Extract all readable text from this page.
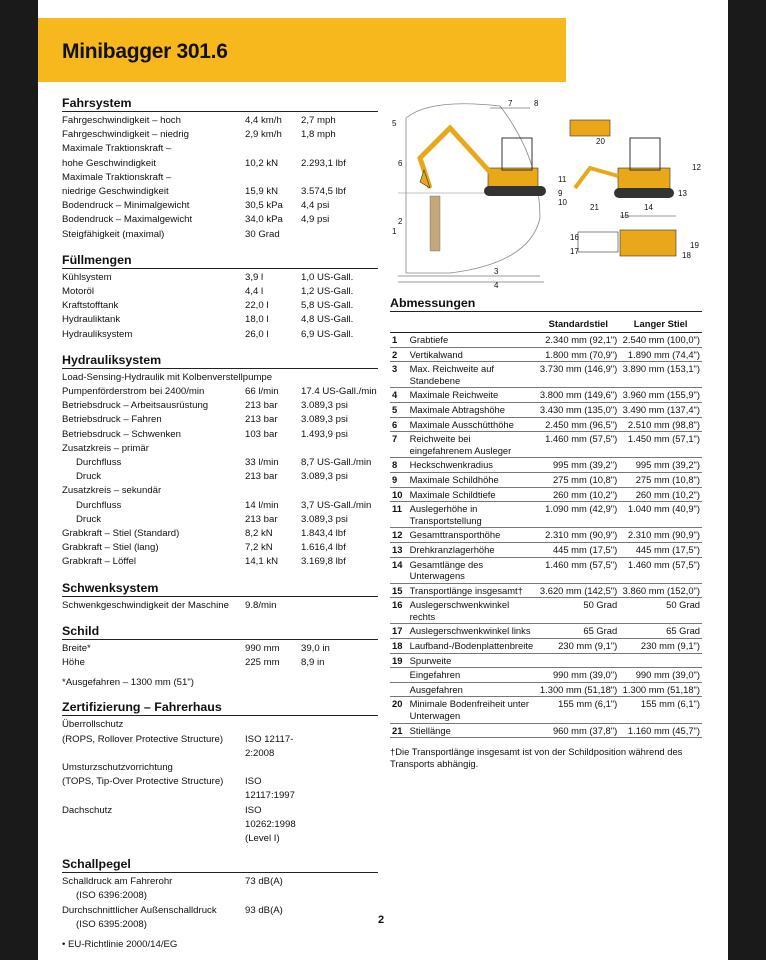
Minibagger 301.6
Fahrsystem
Fahrgeschwindigkeit – hoch	4,4 km/h	2,7 mph
Fahrgeschwindigkeit – niedrig	2,9 km/h	1,8 mph
Maximale Traktionskraft –
hohe Geschwindigkeit	10,2 kN	2.293,1 lbf
Maximale Traktionskraft –
niedrige Geschwindigkeit	15,9 kN	3.574,5 lbf
Bodendruck – Minimalgewicht	30,5 kPa	4,4 psi
Bodendruck – Maximalgewicht	34,0 kPa	4,9 psi
Steigfähigkeit (maximal)	30 Grad
Füllmengen
Kühlsystem	3,9 l	1,0 US-Gall.
Motoröl	4,4 l	1,2 US-Gall.
Kraftstofftank	22,0 l	5,8 US-Gall.
Hydrauliktank	18,0 l	4,8 US-Gall.
Hydrauliksystem	26,0 l	6,9 US-Gall.
Hydrauliksystem
Load-Sensing-Hydraulik mit Kolbenverstellpumpe
Pumpenförderstrom bei 2400/min	66 l/min	17.4 US-Gall./min
Betriebsdruck – Arbeitsausrüstung	213 bar	3.089,3 psi
Betriebsdruck – Fahren	213 bar	3.089,3 psi
Betriebsdruck – Schwenken	103 bar	1.493,9 psi
Zusatzkreis – primär
Durchfluss	33 l/min	8,7 US-Gall./min
Druck	213 bar	3.089,3 psi
Zusatzkreis – sekundär
Durchfluss	14 l/min	3,7 US-Gall./min
Druck	213 bar	3.089,3 psi
Grabkraft – Stiel (Standard)	8,2 kN	1.843,4 lbf
Grabkraft – Stiel (lang)	7,2 kN	1.616,4 lbf
Grabkraft – Löffel	14,1 kN	3.169,8 lbf
Schwenksystem
Schwenkgeschwindigkeit der Maschine	9.8/min
Schild
Breite*	990 mm	39,0 in
Höhe	225 mm	8,9 in
*Ausgefahren – 1300 mm (51")
Zertifizierung – Fahrerhaus
Überrollschutz
(ROPS, Rollover Protective Structure)	ISO 12117-2:2008
Umsturzschutzvorrichtung
(TOPS, Tip-Over Protective Structure)	ISO 12117:1997
Dachschutz	ISO 10262:1998 (Level I)
Schallpegel
Schalldruck am Fahrerohr	73 dB(A)
(ISO 6396:2008)
Durchschnittlicher Außenschalldruck	93 dB(A)
(ISO 6395:2008)
• EU-Richtlinie 2000/14/EG
1
2
3
4
5
6
7	8
9
10
11
12
13
14
15
16
17	18
19
20
21
Abmessungen
		Standardstiel	Langer Stiel
1	Grabtiefe	2.340 mm (92,1")	2.540 mm (100,0")
2	Vertikalwand	1.800 mm (70,9")	1.890 mm (74,4")
3	Max. Reichweite auf Standebene	3.730 mm (146,9")	3.890 mm (153,1")
4	Maximale Reichweite	3.800 mm (149,6")	3.960 mm (155,9")
5	Maximale Abtragshöhe	3.430 mm (135,0")	3.490 mm (137,4")
6	Maximale Ausschütthöhe	2.450 mm (96,5")	2.510 mm (98,8")
7	Reichweite bei eingefahrenem Ausleger	1.460 mm (57,5")	1.450 mm (57,1")
8	Heckschwenkradius	995 mm (39,2")	995 mm (39,2")
9	Maximale Schildhöhe	275 mm (10,8")	275 mm (10,8")
10	Maximale Schildtiefe	260 mm (10,2")	260 mm (10,2")
11	Auslegerhöhe in Transportstellung	1.090 mm (42,9")	1.040 mm (40,9")
12	Gesamttransporthöhe	2.310 mm (90,9")	2.310 mm (90,9")
13	Drehkranzlagerhöhe	445 mm (17,5")	445 mm (17,5")
14	Gesamtlänge des Unterwagens	1.460 mm (57,5")	1.460 mm (57,5")
15	Transportlänge insgesamt†	3.620 mm (142,5")	3.860 mm (152,0")
16	Auslegerschwenkwinkel rechts	50 Grad	50 Grad
17	Auslegerschwenkwinkel links	65 Grad	65 Grad
18	Laufband-/Bodenplattenbreite	230 mm (9,1")	230 mm (9,1")
19	Spurweite		
	Eingefahren	990 mm (39,0")	990 mm (39,0")
	Ausgefahren	1.300 mm (51,18")	1.300 mm (51,18")
20	Minimale Bodenfreiheit unter Unterwagen	155 mm (6,1")	155 mm (6,1")
21	Stiellänge	960 mm (37,8")	1.160 mm (45,7")
†Die Transportlänge insgesamt ist von der Schildposition während des Transports abhängig.
2
